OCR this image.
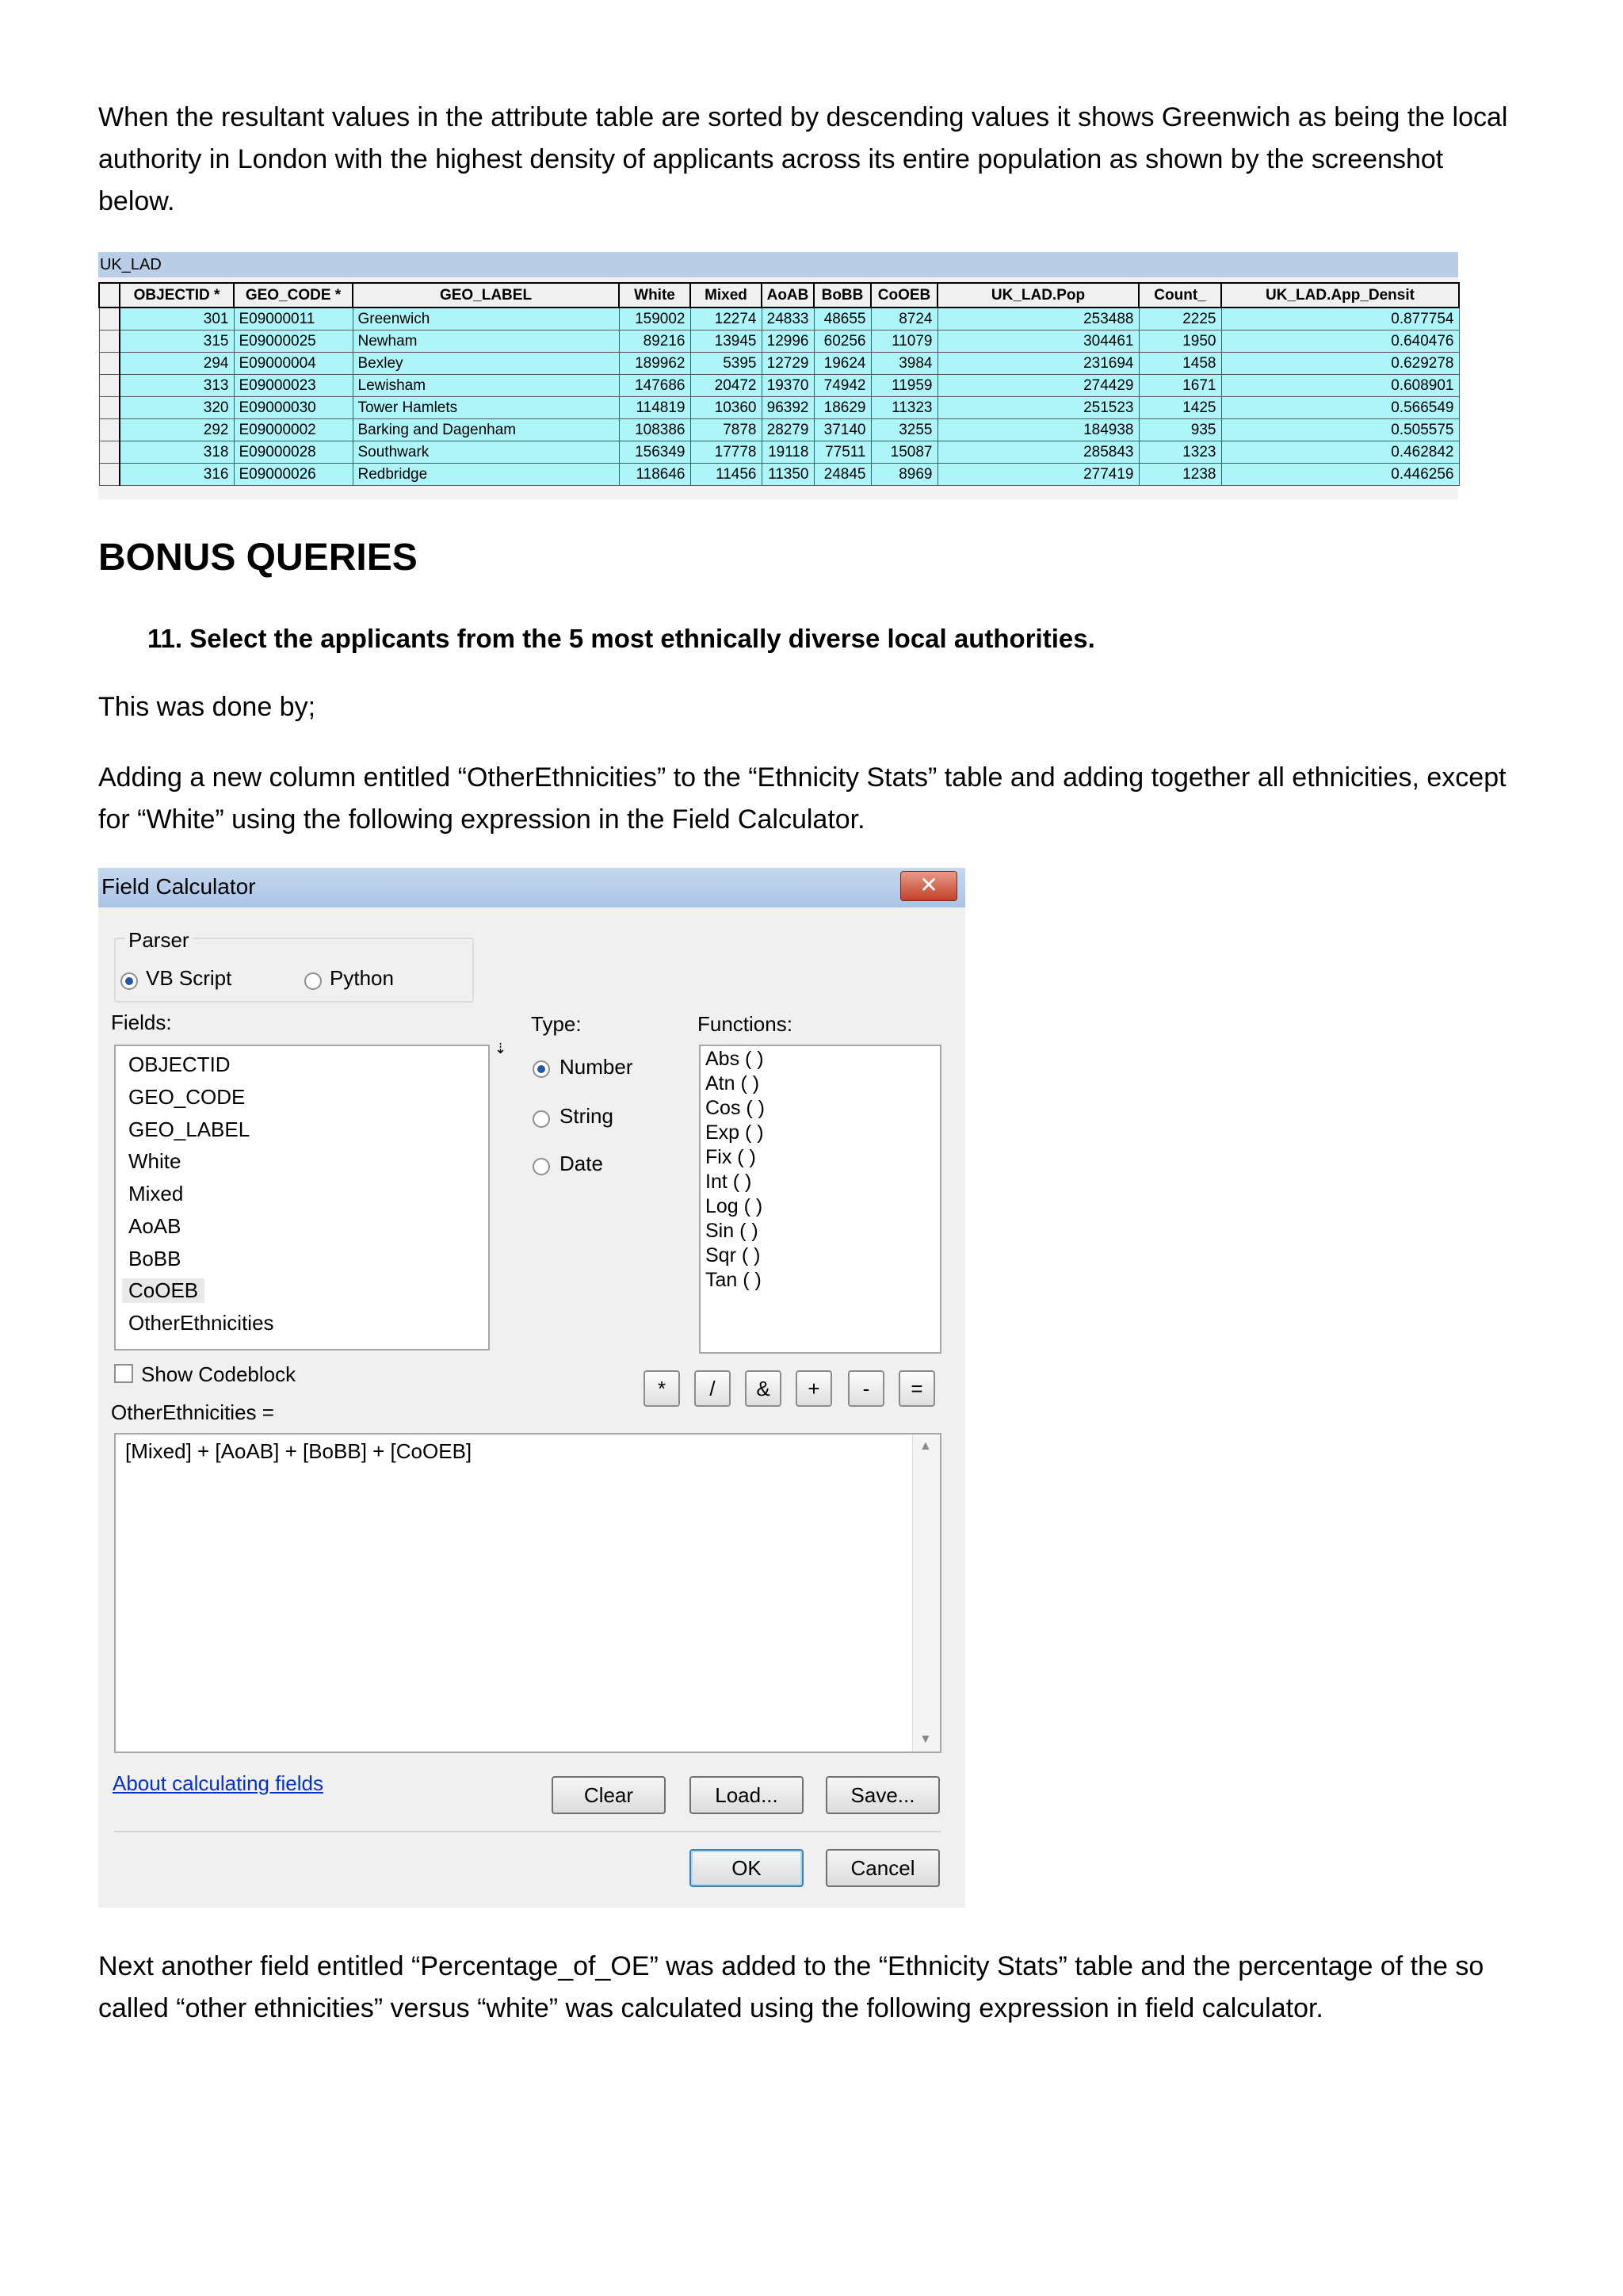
When the resultant values in the attribute table are sorted by descending values it shows Greenwich as being the local authority in London with the highest density of applicants across its entire population as shown by the screenshot below.

UK_LAD
	OBJECTID *	GEO_CODE *	GEO_LABEL	White	Mixed	AoAB	BoBB	CoOEB	UK_LAD.Pop	Count_	UK_LAD.App_Densit
	301	E09000011	Greenwich	159002	12274	24833	48655	8724	253488	2225	0.877754
	315	E09000025	Newham	89216	13945	12996	60256	11079	304461	1950	0.640476
	294	E09000004	Bexley	189962	5395	12729	19624	3984	231694	1458	0.629278
	313	E09000023	Lewisham	147686	20472	19370	74942	11959	274429	1671	0.608901
	320	E09000030	Tower Hamlets	114819	10360	96392	18629	11323	251523	1425	0.566549
	292	E09000002	Barking and Dagenham	108386	7878	28279	37140	3255	184938	935	0.505575
	318	E09000028	Southwark	156349	17778	19118	77511	15087	285843	1323	0.462842
	316	E09000026	Redbridge	118646	11456	11350	24845	8969	277419	1238	0.446256
BONUS QUERIES

11. Select the applicants from the 5 most ethnically diverse local authorities.

This was done by;

Adding a new column entitled “OtherEthnicities” to the “Ethnicity Stats” table and adding together all ethnicities, except for “White” using the following expression in the Field Calculator.

Field Calculator	✕
Parser
VB Script	Python
Fields:
OBJECTID
GEO_CODE
GEO_LABEL
White
Mixed
AoAB
BoBB
CoOEB
OtherEthnicities
⇣
Type:
Number
String
Date
Functions:
Abs ( )
Atn ( )
Cos ( )
Exp ( )
Fix ( )
Int ( )
Log ( )
Sin ( )
Sqr ( )
Tan ( )
Show Codeblock
*	/	&	+	-	=
OtherEthnicities =
[Mixed] + [AoAB] + [BoBB] + [CoOEB]	▲
▼
About calculating fields	Clear	Load...	Save...
OK	Cancel

Next another field entitled “Percentage_of_OE” was added to the “Ethnicity Stats” table and the percentage of the so called “other ethnicities” versus “white” was calculated using the following expression in field calculator.
